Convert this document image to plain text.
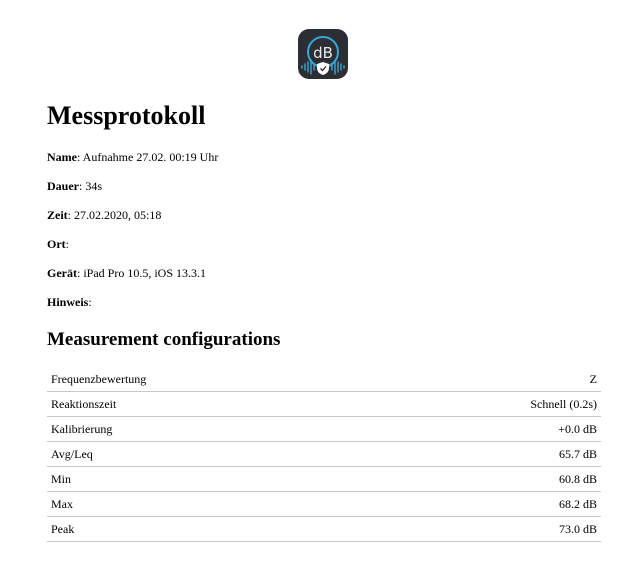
dB
Messprotokoll
Name: Aufnahme 27.02. 00:19 Uhr
Dauer: 34s
Zeit: 27.02.2020, 05:18
Ort:
Gerät: iPad Pro 10.5, iOS 13.3.1
Hinweis:
Measurement configurations
Frequenzbewertung	Z
Reaktionszeit	Schnell (0.2s)
Kalibrierung	+0.0 dB
Avg/Leq	65.7 dB
Min	60.8 dB
Max	68.2 dB
Peak	73.0 dB
